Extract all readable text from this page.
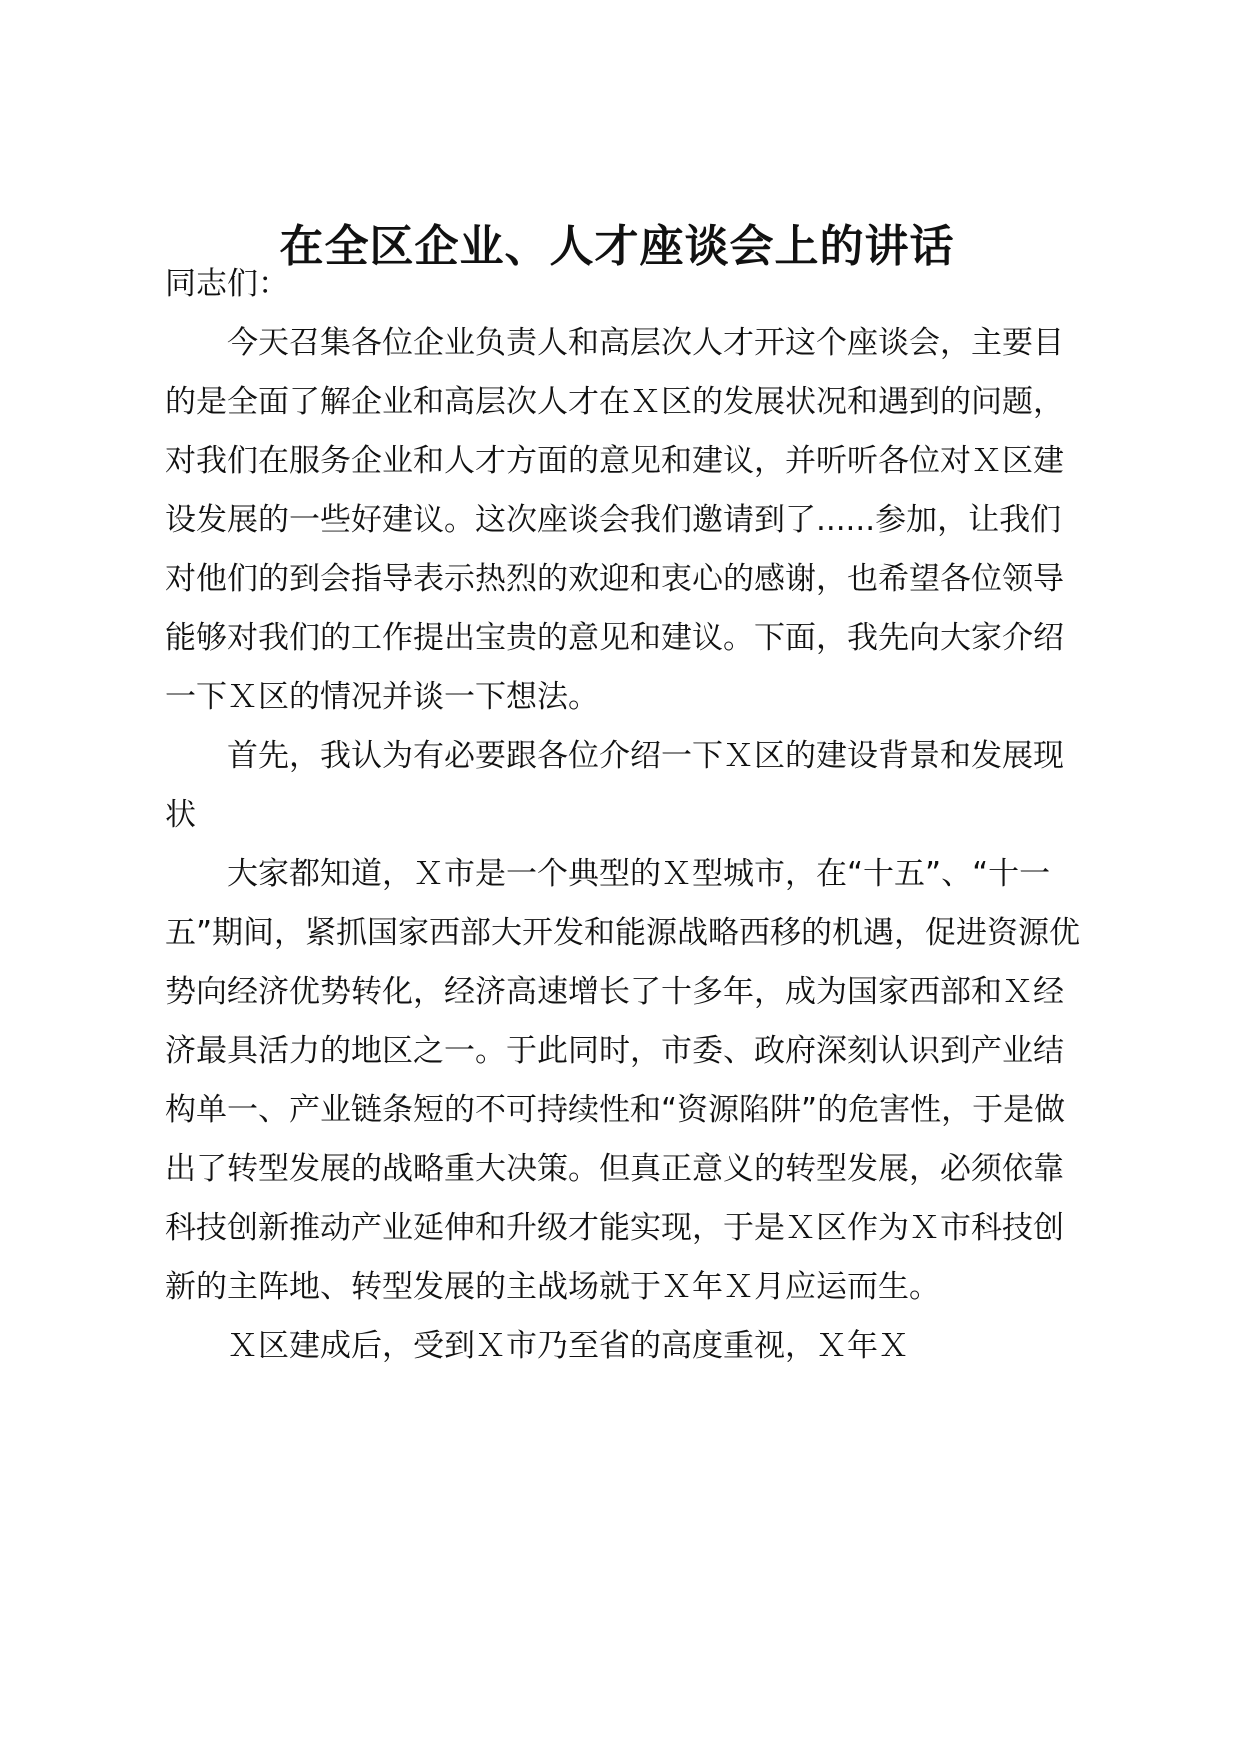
在全区企业、人才座谈会上的讲话

同志们：

今天召集各位企业负责人和高层次人才开这个座谈会，主要目的是全面了解企业和高层次人才在Ｘ区的发展状况和遇到的问题，对我们在服务企业和人才方面的意见和建议，并听听各位对Ｘ区建设发展的一些好建议。这次座谈会我们邀请到了......参加，让我们对他们的到会指导表示热烈的欢迎和衷心的感谢，也希望各位领导能够对我们的工作提出宝贵的意见和建议。下面，我先向大家介绍一下Ｘ区的情况并谈一下想法。

首先，我认为有必要跟各位介绍一下Ｘ区的建设背景和发展现状

大家都知道，Ｘ市是一个典型的Ｘ型城市，在“十五”、“十一五”期间，紧抓国家西部大开发和能源战略西移的机遇，促进资源优势向经济优势转化，经济高速增长了十多年，成为国家西部和Ｘ经济最具活力的地区之一。于此同时，市委、政府深刻认识到产业结构单一、产业链条短的不可持续性和“资源陷阱”的危害性，于是做出了转型发展的战略重大决策。但真正意义的转型发展，必须依靠科技创新推动产业延伸和升级才能实现，于是Ｘ区作为Ｘ市科技创新的主阵地、转型发展的主战场就于Ｘ年Ｘ月应运而生。

Ｘ区建成后，受到Ｘ市乃至省的高度重视，Ｘ年Ｘ
